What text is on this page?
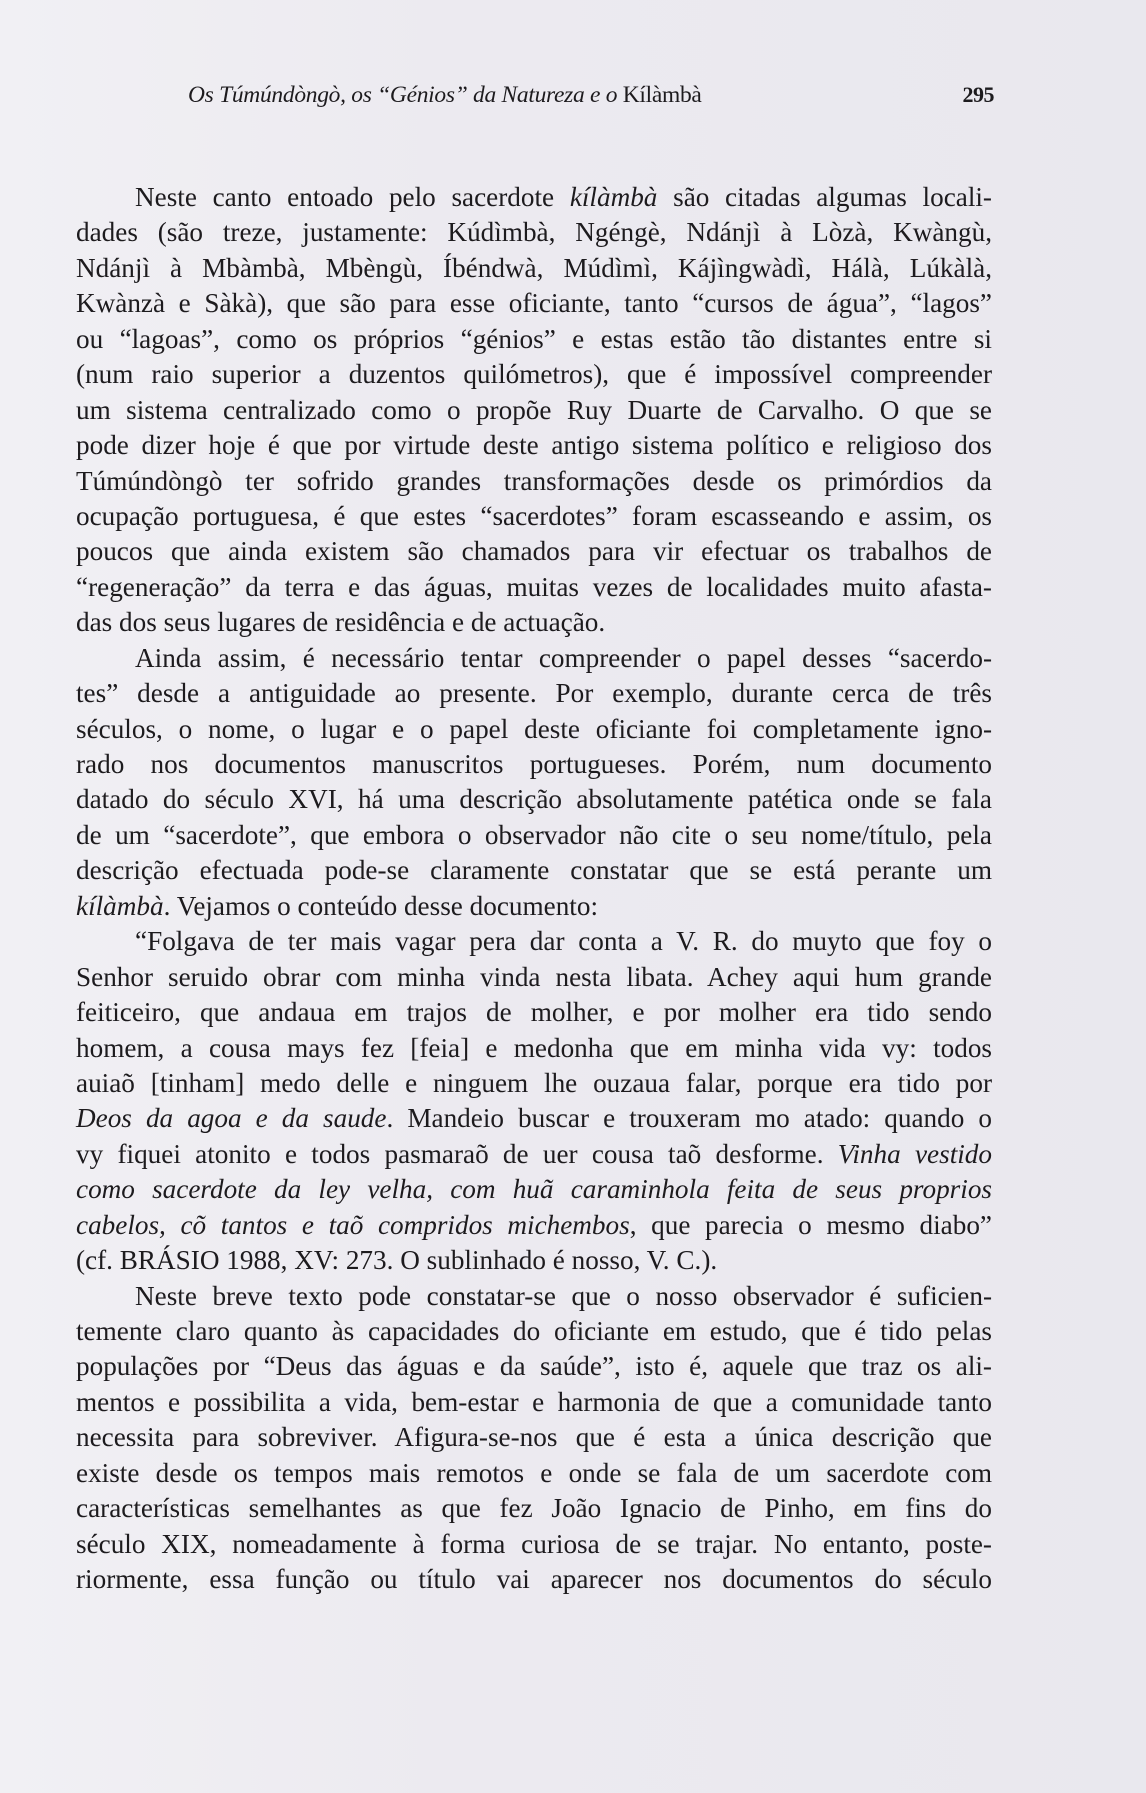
Os Túmúndòngò, os “Génios” da Natureza e o Kílàmbà	295
Neste canto entoado pelo sacerdote kílàmbà são citadas algumas locali-
dades (são treze, justamente: Kúdìmbà, Ngéngè, Ndánjì à Lòzà, Kwàngù,
Ndánjì à Mbàmbà, Mbèngù, Íbéndwà, Múdìmì, Kájìngwàdì, Hálà, Lúkàlà,
Kwànzà e Sàkà), que são para esse oficiante, tanto “cursos de água”, “lagos”
ou “lagoas”, como os próprios “génios” e estas estão tão distantes entre si
(num raio superior a duzentos quilómetros), que é impossível compreender
um sistema centralizado como o propõe Ruy Duarte de Carvalho. O que se
pode dizer hoje é que por virtude deste antigo sistema político e religioso dos
Túmúndòngò ter sofrido grandes transformações desde os primórdios da
ocupação portuguesa, é que estes “sacerdotes” foram escasseando e assim, os
poucos que ainda existem são chamados para vir efectuar os trabalhos de
“regeneração” da terra e das águas, muitas vezes de localidades muito afasta-
das dos seus lugares de residência e de actuação.
Ainda assim, é necessário tentar compreender o papel desses “sacerdo-
tes” desde a antiguidade ao presente. Por exemplo, durante cerca de três
séculos, o nome, o lugar e o papel deste oficiante foi completamente igno-
rado nos documentos manuscritos portugueses. Porém, num documento
datado do século XVI, há uma descrição absolutamente patética onde se fala
de um “sacerdote”, que embora o observador não cite o seu nome/título, pela
descrição efectuada pode-se claramente constatar que se está perante um
kílàmbà. Vejamos o conteúdo desse documento:
“Folgava de ter mais vagar pera dar conta a V. R. do muyto que foy o
Senhor seruido obrar com minha vinda nesta libata. Achey aqui hum grande
feiticeiro, que andaua em trajos de molher, e por molher era tido sendo
homem, a cousa mays fez [feia] e medonha que em minha vida vy: todos
auiaõ [tinham] medo delle e ninguem lhe ouzaua falar, porque era tido por
Deos da agoa e da saude. Mandeio buscar e trouxeram mo atado: quando o
vy fiquei atonito e todos pasmaraõ de uer cousa taõ desforme. Vinha vestido
como sacerdote da ley velha, com huã caraminhola feita de seus proprios
cabelos, cõ tantos e taõ compridos michembos, que parecia o mesmo diabo”
(cf. BRÁSIO 1988, XV: 273. O sublinhado é nosso, V. C.).
Neste breve texto pode constatar-se que o nosso observador é suficien-
temente claro quanto às capacidades do oficiante em estudo, que é tido pelas
populações por “Deus das águas e da saúde”, isto é, aquele que traz os ali-
mentos e possibilita a vida, bem-estar e harmonia de que a comunidade tanto
necessita para sobreviver. Afigura-se-nos que é esta a única descrição que
existe desde os tempos mais remotos e onde se fala de um sacerdote com
características semelhantes as que fez João Ignacio de Pinho, em fins do
século XIX, nomeadamente à forma curiosa de se trajar. No entanto, poste-
riormente, essa função ou título vai aparecer nos documentos do século
